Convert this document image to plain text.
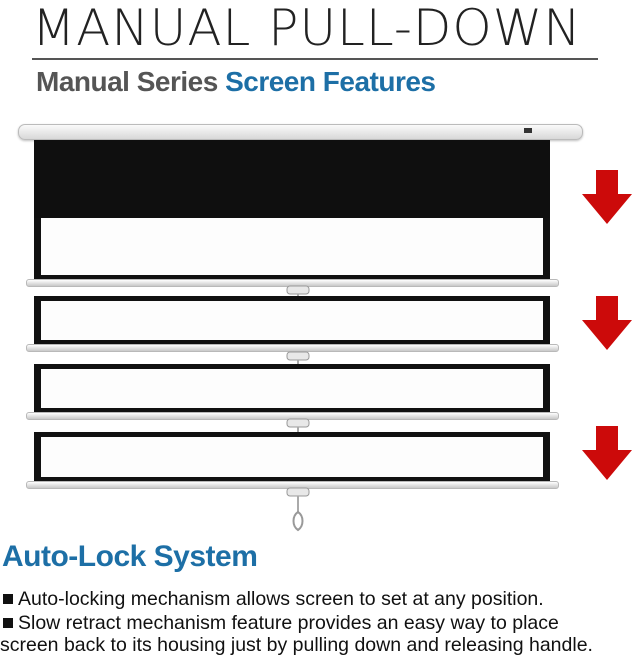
MANUAL PULL-DOWN
Manual Series Screen Features
Auto-Lock System
Auto-locking mechanism allows screen to set at any position.
Slow retract mechanism feature provides an easy way to place
screen back to its housing just by pulling down and releasing handle.
